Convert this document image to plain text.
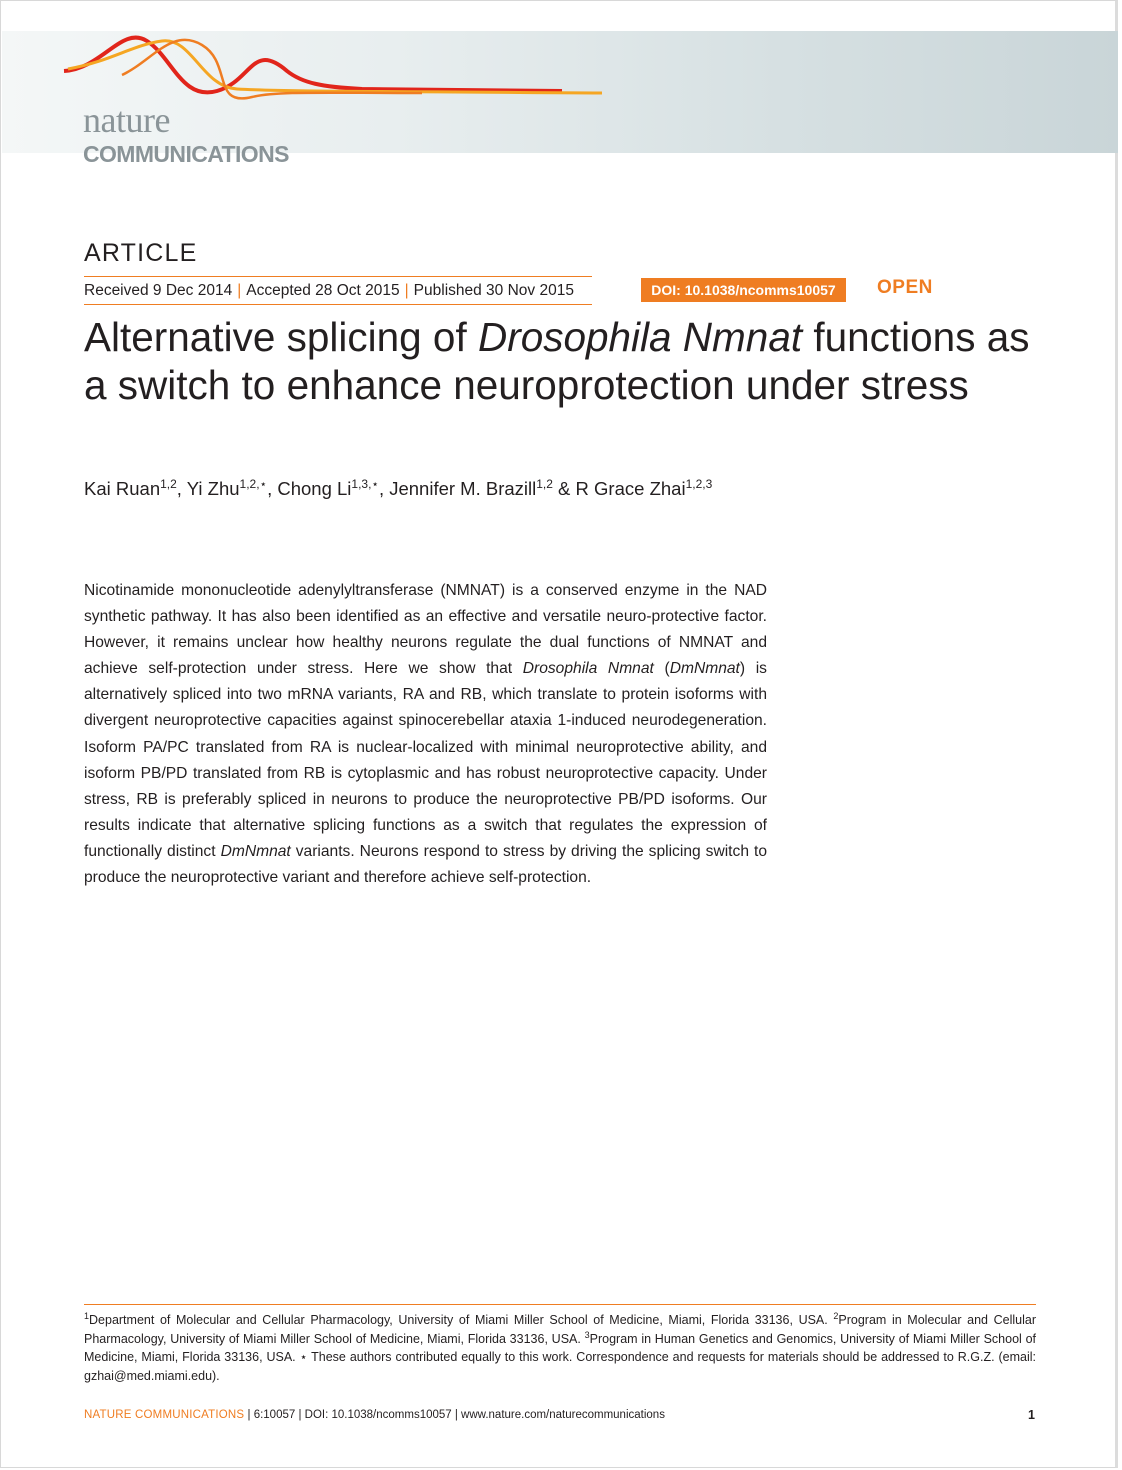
nature
COMMUNICATIONS
ARTICLE
Received 9 Dec 2014 | Accepted 28 Oct 2015 | Published 30 Nov 2015	DOI: 10.1038/ncomms10057	OPEN
Alternative splicing of Drosophila Nmnat functions as a switch to enhance neuroprotection under stress
Kai Ruan$^{1,2}$, Yi Zhu$^{1,2,⋆}$, Chong $Li^{1,3,⋆}$, Jennifer M. Brazill$^{1,2}$ & R Grace Zhai$^{1,2,3}$

Nicotinamide mononucleotide adenylyltransferase (NMNAT) is a conserved enzyme in the NAD synthetic pathway. It has also been identified as an effective and versatile neuro-protective factor. However, it remains unclear how healthy neurons regulate the dual functions of NMNAT and achieve self-protection under stress. Here we show that Drosophila Nmnat (DmNmnat) is alternatively spliced into two mRNA variants, RA and RB, which translate to protein isoforms with divergent neuroprotective capacities against spinocerebellar ataxia 1-induced neurodegeneration. Isoform PA/PC translated from RA is nuclear-localized with minimal neuroprotective ability, and isoform PB/PD translated from RB is cytoplasmic and has robust neuroprotective capacity. Under stress, RB is preferably spliced in neurons to produce the neuroprotective PB/PD isoforms. Our results indicate that alternative splicing functions as a switch that regulates the expression of functionally distinct DmNmnat variants. Neurons respond to stress by driving the splicing switch to produce the neuroprotective variant and therefore achieve self-protection.

$^1$Department of Molecular and Cellular Pharmacology, University of Miami Miller School of Medicine, Miami, Florida 33136, USA. $^2$Program in Molecular and Cellular Pharmacology, University of Miami Miller School of Medicine, Miami, Florida 33136, USA. $^3$Program in Human Genetics and Genomics, University of Miami Miller School of Medicine, Miami, Florida 33136, USA. ⋆ These authors contributed equally to this work. Correspondence and requests for materials should be addressed to R.G.Z. (email: gzhai@med.miami.edu).
NATURE COMMUNICATIONS | 6:10057 | DOI: 10.1038/ncomms10057 | www.nature.com/naturecommunications	1
